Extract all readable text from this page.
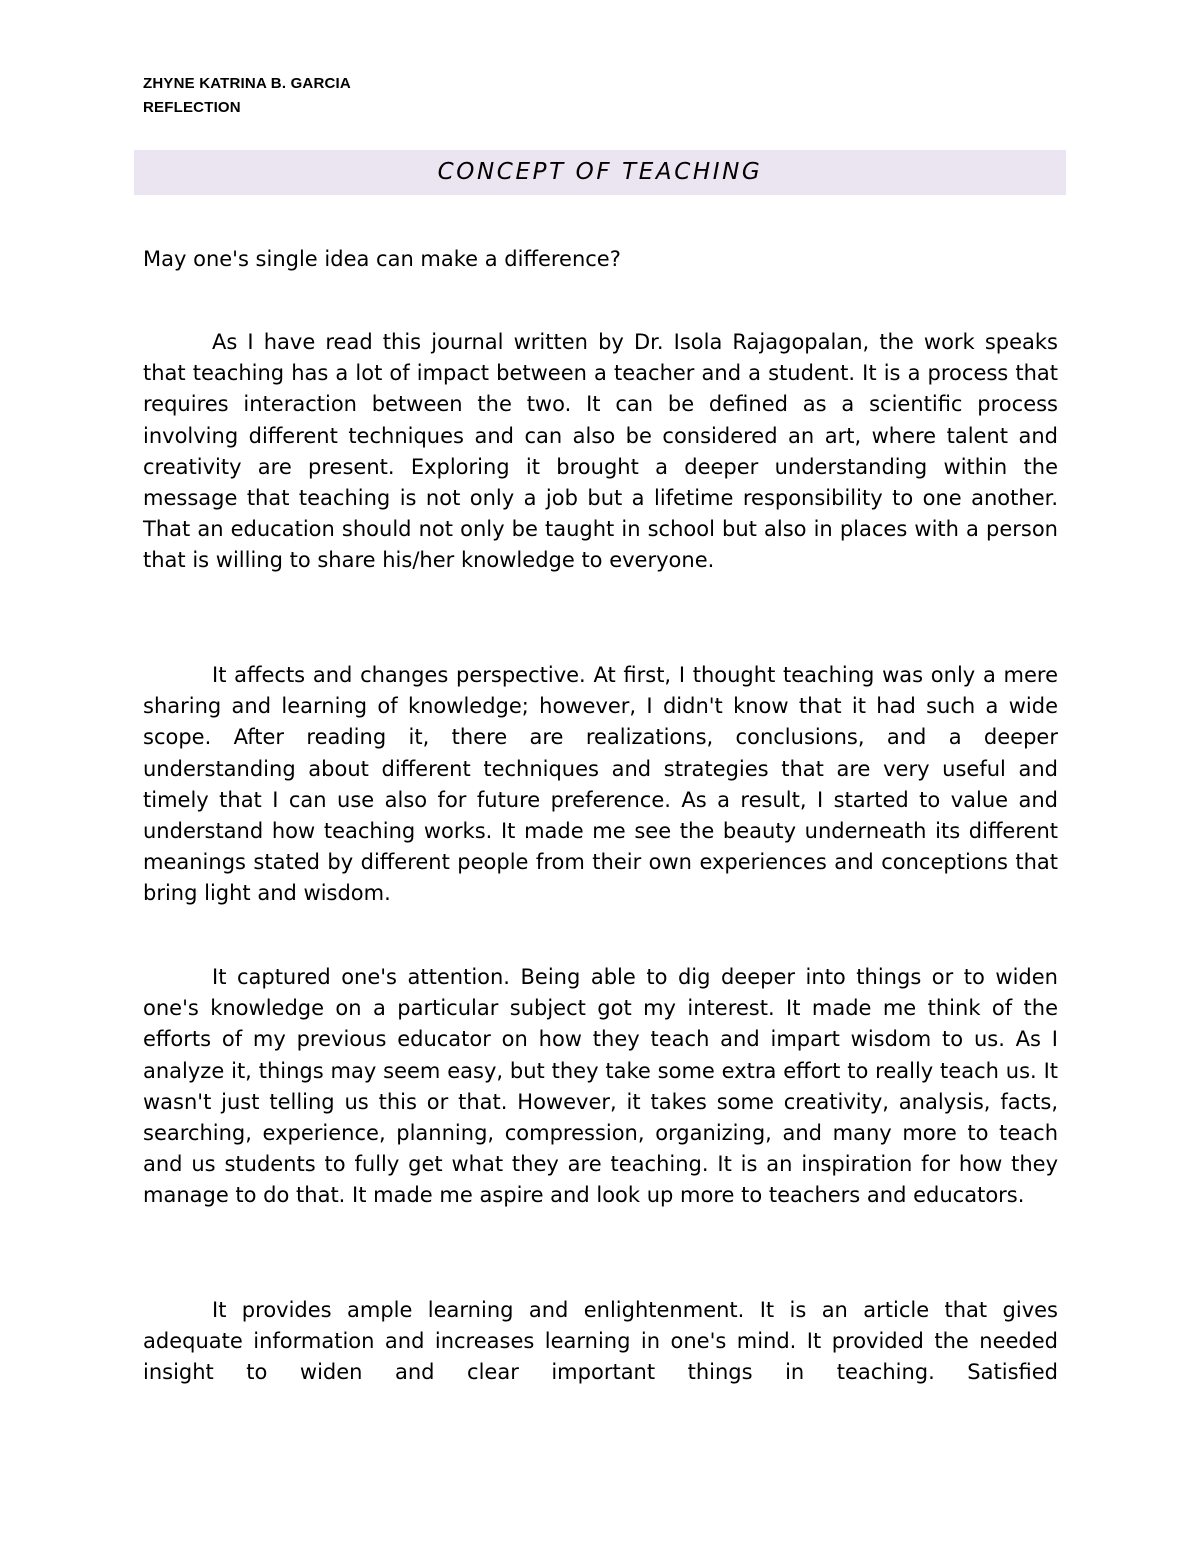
ZHYNE KATRINA B. GARCIA
REFLECTION
CONCEPT OF TEACHING
May one's single idea can make a difference?

As I have read this journal written by Dr. Isola Rajagopalan, the work speaks that teaching has a lot of impact between a teacher and a student. It is a process that requires interaction between the two. It can be defined as a scientific process involving different techniques and can also be considered an art, where talent and creativity are present. Exploring it brought a deeper understanding within the message that teaching is not only a job but a lifetime responsibility to one another. That an education should not only be taught in school but also in places with a person that is willing to share his/her knowledge to everyone.

It affects and changes perspective. At first, I thought teaching was only a mere sharing and learning of knowledge; however, I didn't know that it had such a wide scope. After reading it, there are realizations, conclusions, and a deeper understanding about different techniques and strategies that are very useful and timely that I can use also for future preference. As a result, I started to value and understand how teaching works. It made me see the beauty underneath its different meanings stated by different people from their own experiences and conceptions that bring light and wisdom.

It captured one's attention. Being able to dig deeper into things or to widen one's knowledge on a particular subject got my interest. It made me think of the efforts of my previous educator on how they teach and impart wisdom to us. As I analyze it, things may seem easy, but they take some extra effort to really teach us. It wasn't just telling us this or that. However, it takes some creativity, analysis, facts, searching, experience, planning, compression, organizing, and many more to teach and us students to fully get what they are teaching. It is an inspiration for how they manage to do that. It made me aspire and look up more to teachers and educators.

It provides ample learning and enlightenment. It is an article that gives adequate information and increases learning in one's mind. It provided the needed insight to widen and clear important things in teaching. Satisfied
